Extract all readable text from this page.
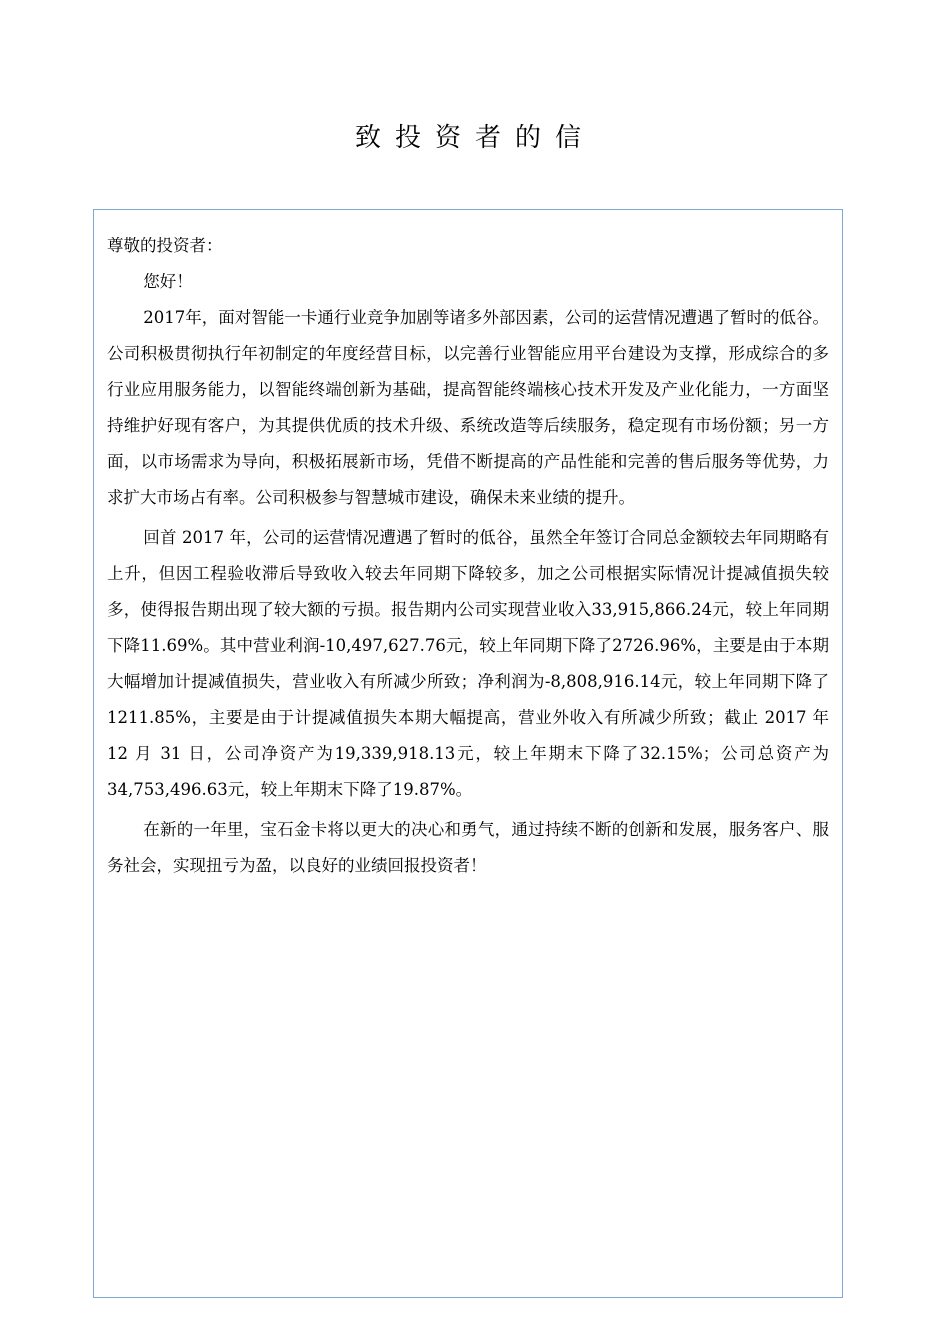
致投资者的信

尊敬的投资者：

您好！

2017年，面对智能一卡通行业竞争加剧等诸多外部因素，公司的运营情况遭遇了暂时的低谷。公司积极贯彻执行年初制定的年度经营目标，以完善行业智能应用平台建设为支撑，形成综合的多行业应用服务能力，以智能终端创新为基础，提高智能终端核心技术开发及产业化能力，一方面坚持维护好现有客户，为其提供优质的技术升级、系统改造等后续服务，稳定现有市场份额；另一方面，以市场需求为导向，积极拓展新市场，凭借不断提高的产品性能和完善的售后服务等优势，力求扩大市场占有率。公司积极参与智慧城市建设，确保未来业绩的提升。

回首 2017 年，公司的运营情况遭遇了暂时的低谷，虽然全年签订合同总金额较去年同期略有上升，但因工程验收滞后导致收入较去年同期下降较多，加之公司根据实际情况计提减值损失较多，使得报告期出现了较大额的亏损。报告期内公司实现营业收入33,915,866.24元，较上年同期下降11.69%。其中营业利润-10,497,627.76元，较上年同期下降了2726.96%，主要是由于本期大幅增加计提减值损失，营业收入有所减少所致；净利润为-8,808,916.14元，较上年同期下降了1211.85%，主要是由于计提减值损失本期大幅提高，营业外收入有所减少所致；截止 2017 年 12 月 31 日，公司净资产为19,339,918.13元，较上年期末下降了32.15%；公司总资产为34,753,496.63元，较上年期末下降了19.87%。

在新的一年里，宝石金卡将以更大的决心和勇气，通过持续不断的创新和发展，服务客户、服务社会，实现扭亏为盈，以良好的业绩回报投资者！
